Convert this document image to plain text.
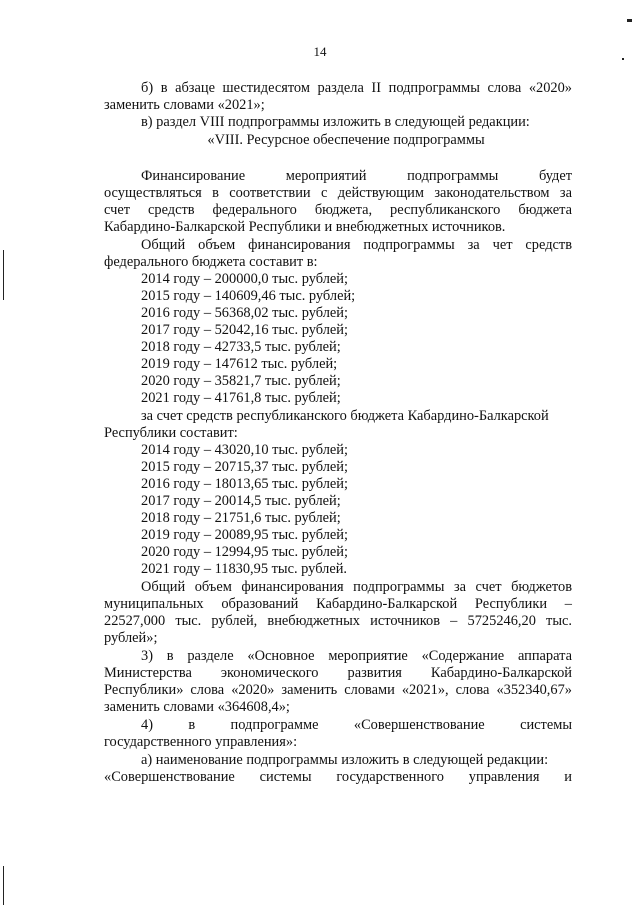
14
б) в абзаце шестидесятом раздела II подпрограммы слова «2020»
заменить словами «2021»;
в) раздел VIII подпрограммы изложить в следующей редакции:
«VIII. Ресурсное обеспечение подпрограммы
Финансирование мероприятий подпрограммы будет
осуществляться в соответствии с действующим законодательством за
счет средств федерального бюджета, республиканского бюджета
Кабардино-Балкарской Республики и внебюджетных источников.
Общий объем финансирования подпрограммы за чет средств
федерального бюджета составит в:
2014 году – 200000,0 тыс. рублей;
2015 году – 140609,46 тыс. рублей;
2016 году – 56368,02 тыс. рублей;
2017 году – 52042,16 тыс. рублей;
2018 году – 42733,5 тыс. рублей;
2019 году – 147612 тыс. рублей;
2020 году – 35821,7 тыс. рублей;
2021 году – 41761,8 тыс. рублей;
за счет средств республиканского бюджета Кабардино-Балкарской
Республики составит:
2014 году – 43020,10 тыс. рублей;
2015 году – 20715,37 тыс. рублей;
2016 году – 18013,65 тыс. рублей;
2017 году – 20014,5 тыс. рублей;
2018 году – 21751,6 тыс. рублей;
2019 году – 20089,95 тыс. рублей;
2020 году – 12994,95 тыс. рублей;
2021 году – 11830,95 тыс. рублей.
Общий объем финансирования подпрограммы за счет бюджетов
муниципальных образований Кабардино-Балкарской Республики –
22527,000 тыс. рублей, внебюджетных источников – 5725246,20 тыс.
рублей»;
3) в разделе «Основное мероприятие «Содержание аппарата
Министерства экономического развития Кабардино-Балкарской
Республики» слова «2020» заменить словами «2021», слова «352340,67»
заменить словами «364608,4»;
4) в подпрограмме «Совершенствование системы
государственного управления»:
а) наименование подпрограммы изложить в следующей редакции:
«Совершенствование системы государственного управления и
